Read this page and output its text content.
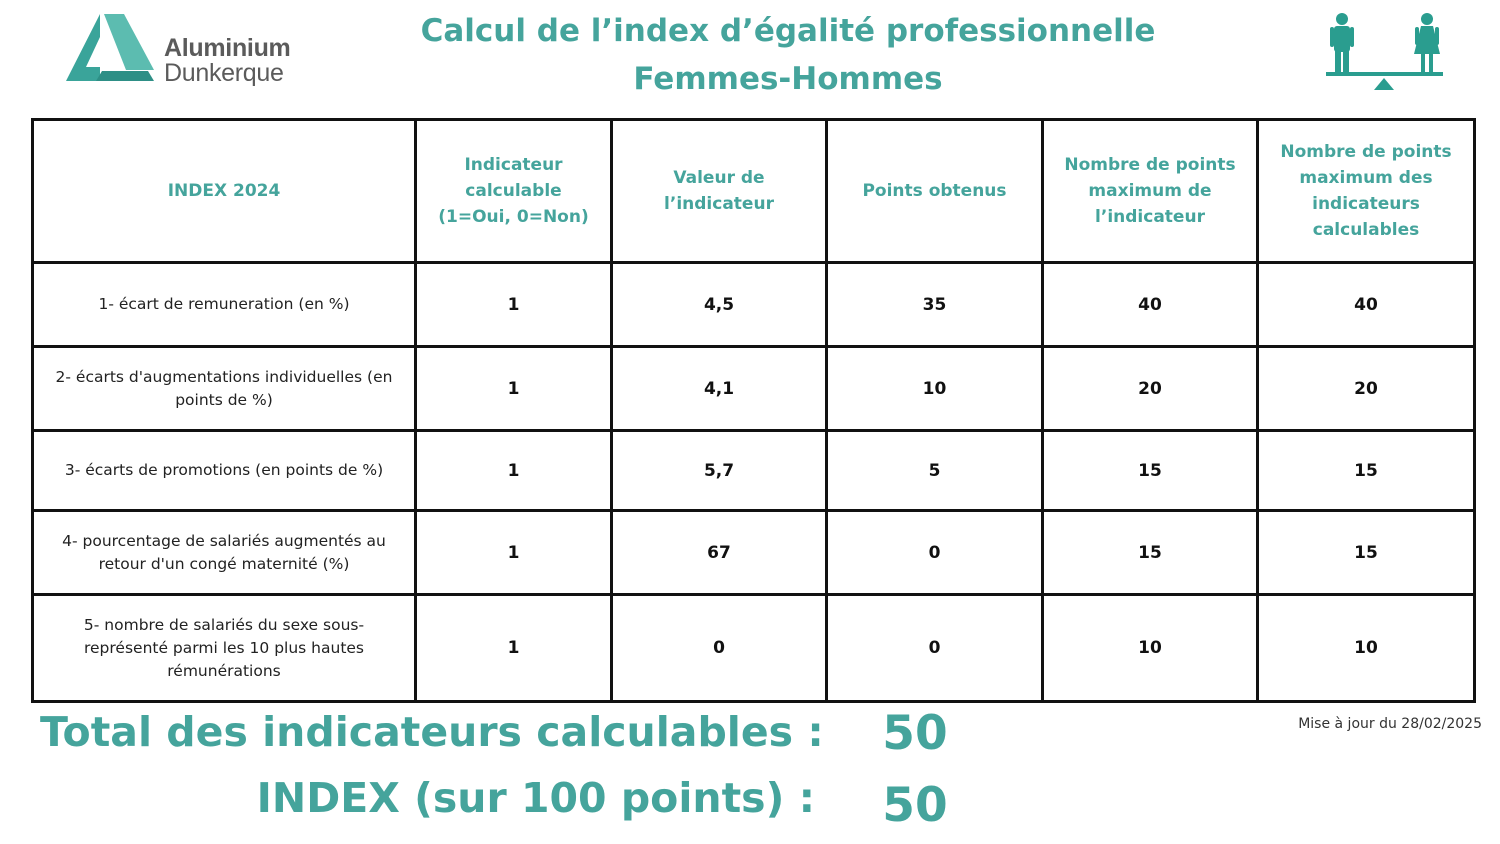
Aluminium
Dunkerque
Calcul de l’index d’égalité professionnelle
Femmes-Hommes
INDEX 2024	Indicateur calculable (1=Oui, 0=Non)	Valeur de l’indicateur	Points obtenus	Nombre de points maximum de l’indicateur	Nombre de points maximum des indicateurs calculables
1- écart de remuneration (en %)	1	4,5	35	40	40
2- écarts d'augmentations individuelles (en points de %)	1	4,1	10	20	20
3- écarts de promotions (en points de %)	1	5,7	5	15	15
4- pourcentage de salariés augmentés au retour d'un congé maternité (%)	1	67	0	15	15
5- nombre de salariés du sexe sous-représenté parmi les 10 plus hautes rémunérations	1	0	0	10	10
Total des indicateurs calculables :	50
INDEX (sur 100 points) :	50
Mise à jour du 28/02/2025
